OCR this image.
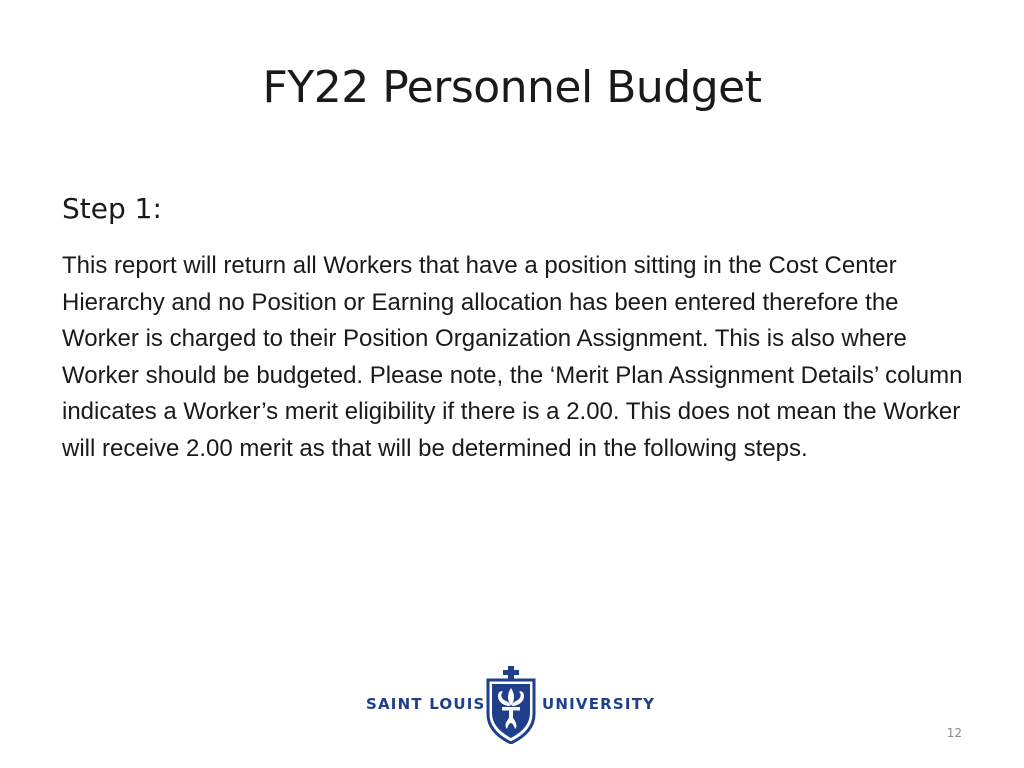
FY22 Personnel Budget
Step 1:
This report will return all Workers that have a position sitting in the Cost Center Hierarchy and no Position or Earning allocation has been entered therefore the Worker is charged to their Position Organization Assignment. This is also where Worker should be budgeted. Please note, the ‘Merit Plan Assignment Details’ column indicates a Worker’s merit eligibility if there is a 2.00. This does not mean the Worker will receive 2.00 merit as that will be determined in the following steps.
SAINT LOUIS	UNIVERSITY
12
